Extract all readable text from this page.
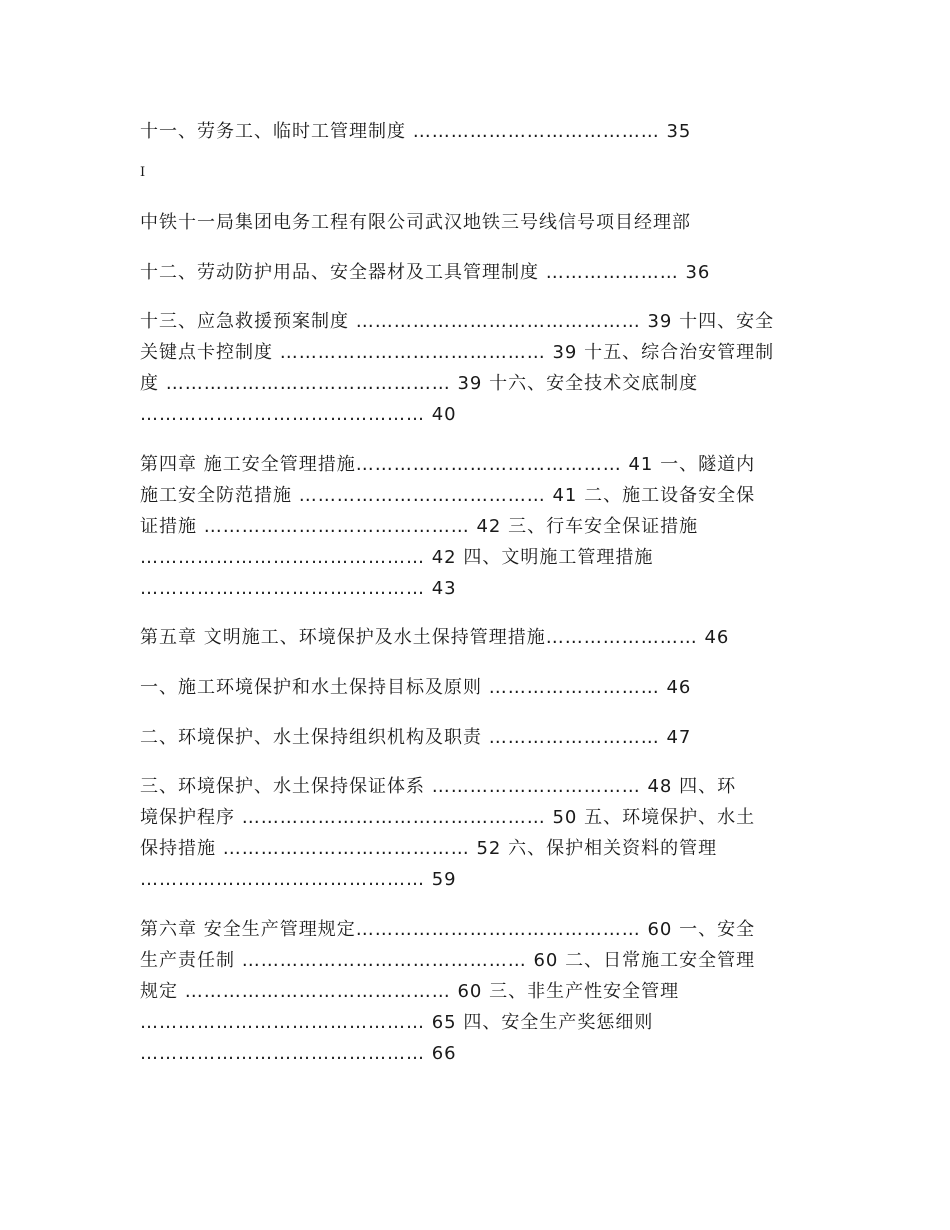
十一、劳务工、临时工管理制度 ………………………………… 35
I
中铁十一局集团电务工程有限公司武汉地铁三号线信号项目经理部
十二、劳动防护用品、安全器材及工具管理制度 ………………… 36
十三、应急救援预案制度 ……………………………………… 39 十四、安全
关键点卡控制度 …………………………………… 39 十五、综合治安管理制
度 ……………………………………… 39 十六、安全技术交底制度
……………………………………… 40
第四章 施工安全管理措施…………………………………… 41 一、隧道内
施工安全防范措施 ………………………………… 41 二、施工设备安全保
证措施 …………………………………… 42 三、行车安全保证措施
……………………………………… 42 四、文明施工管理措施
……………………………………… 43
第五章 文明施工、环境保护及水土保持管理措施…………………… 46
一、施工环境保护和水土保持目标及原则 ……………………… 46
二、环境保护、水土保持组织机构及职责 ……………………… 47
三、环境保护、水土保持保证体系 …………………………… 48 四、环
境保护程序 ………………………………………… 50 五、环境保护、水土
保持措施 ………………………………… 52 六、保护相关资料的管理
……………………………………… 59
第六章 安全生产管理规定……………………………………… 60 一、安全
生产责任制 ……………………………………… 60 二、日常施工安全管理
规定 …………………………………… 60 三、非生产性安全管理
……………………………………… 65 四、安全生产奖惩细则
……………………………………… 66
